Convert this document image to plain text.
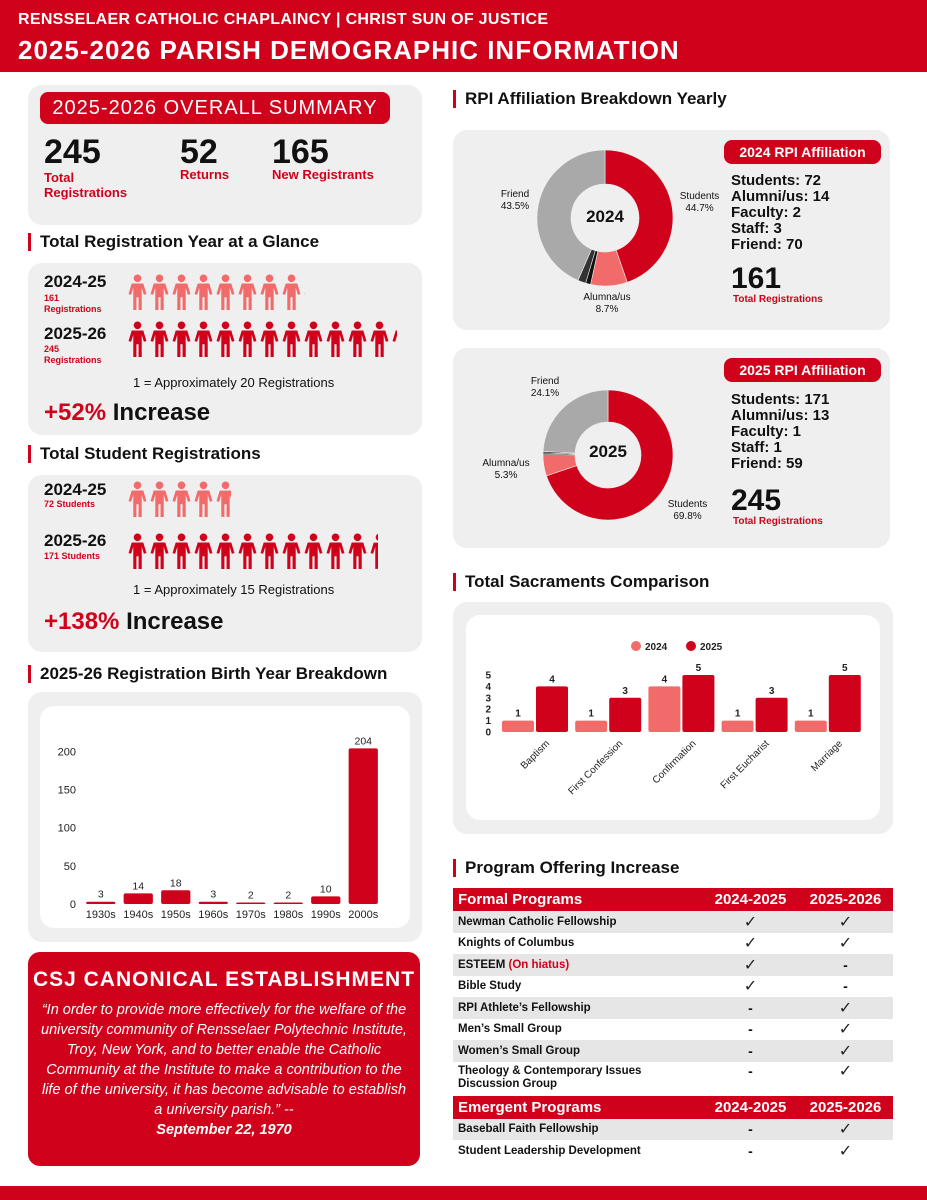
RENSSELAER CATHOLIC CHAPLAINCY | CHRIST SUN OF JUSTICE
2025-2026 PARISH DEMOGRAPHIC INFORMATION
2025-2026 OVERALL SUMMARY
245
Total
Registrations
52
Returns
165
New Registrants
Total Registration Year at a Glance
2024-25
161
Registrations
2025-26
245
Registrations
1 = Approximately 20 Registrations
+52% Increase
Total Student Registrations
2024-25
72 Students
2025-26
171 Students
1 = Approximately 15 Registrations
+138% Increase
2025-26 Registration Birth Year Breakdown
0
50
100
150
200
3
1930s
14
1940s
18
1950s
3
1960s
2
1970s
2
1980s
10
1990s
204
2000s
CSJ CANONICAL ESTABLISHMENT
“In order to provide more effectively for the welfare of the university community of Rensselaer Polytechnic Institute, Troy, New York, and to better enable the Catholic Community at the Institute to make a contribution to the life of the university, it has become advisable to establish a university parish.” --
September 22, 1970
RPI Affiliation Breakdown Yearly
2024
Friend
43.5%
Students
44.7%
Alumna/us
8.7%
2024 RPI Affiliation
Students: 72
Alumni/us: 14
Faculty: 2
Staff: 3
Friend: 70
161
Total Registrations
2025
Friend
24.1%
Alumna/us
5.3%
Students
69.8%
2025 RPI Affiliation
Students: 171
Alumni/us: 13
Faculty: 1
Staff: 1
Friend: 59
245
Total Registrations
Total Sacraments Comparison
2024	2025
0
1
2
3
4
5
1
4
Baptism
1
3
First Confession
4
5
Confirmation
1
3
First Eucharist
1
5
Marriage
Program Offering Increase
Formal Programs	2024-2025	2025-2026
Newman Catholic Fellowship	✓	✓
Knights of Columbus	✓	✓
ESTEEM (On hiatus)	✓	-
Bible Study	✓	-
RPI Athlete’s Fellowship	-	✓
Men’s Small Group	-	✓
Women’s Small Group	-	✓
Theology & Contemporary Issues
Discussion Group	-	✓
Emergent Programs	2024-2025	2025-2026
Baseball Faith Fellowship	-	✓
Student Leadership Development	-	✓
